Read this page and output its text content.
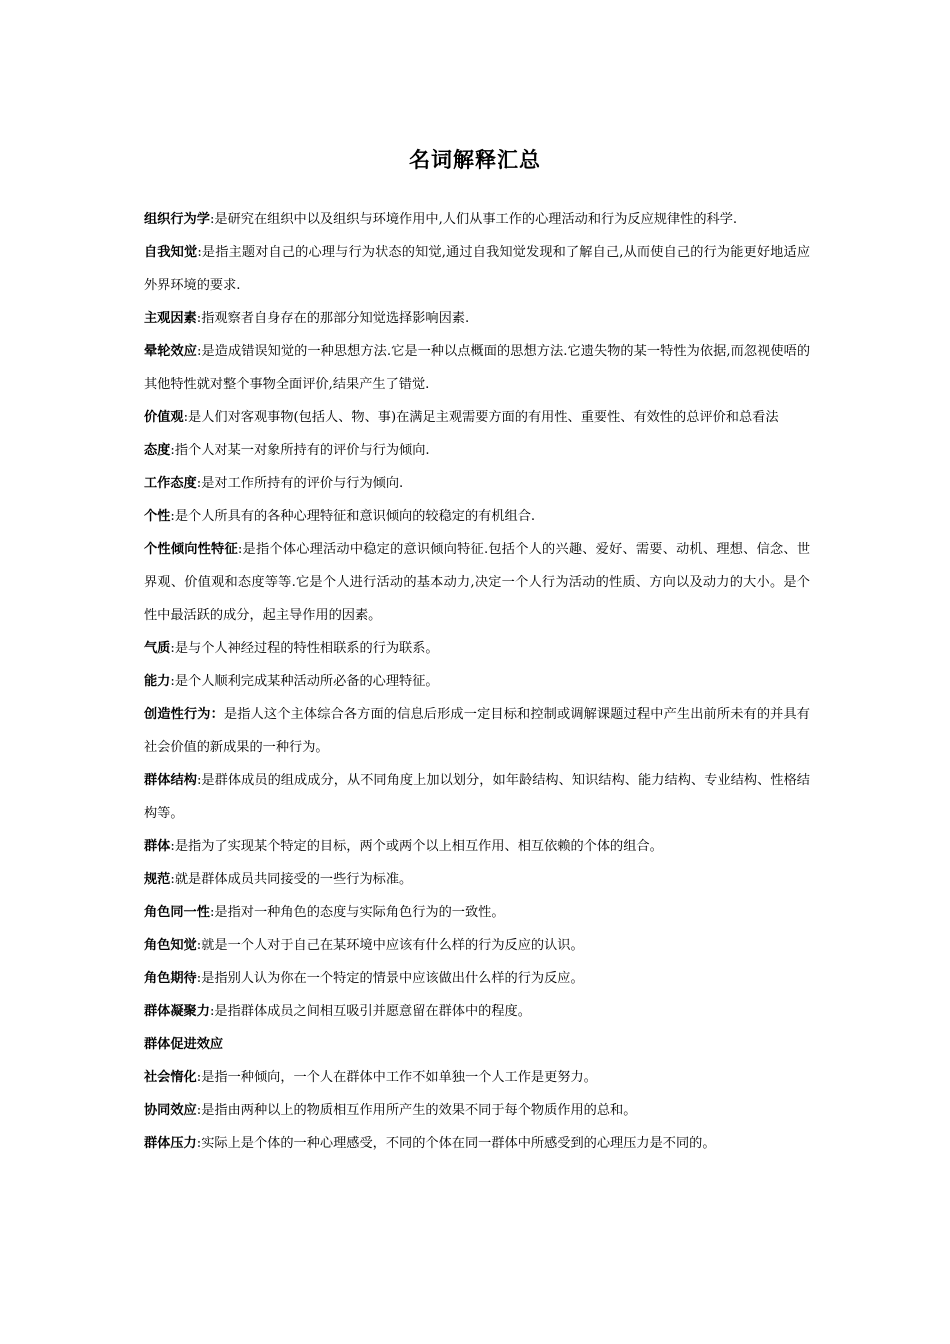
名词解释汇总

组织行为学:是研究在组织中以及组织与环境作用中,人们从事工作的心理活动和行为反应规律性的科学.

自我知觉:是指主题对自己的心理与行为状态的知觉,通过自我知觉发现和了解自己,从而使自己的行为能更好地适应外界环境的要求.

主观因素:指观察者自身存在的那部分知觉选择影响因素.

晕轮效应:是造成错误知觉的一种思想方法.它是一种以点概面的思想方法.它遗失物的某一特性为依据,而忽视使唔的其他特性就对整个事物全面评价,结果产生了错觉.

价值观:是人们对客观事物(包括人、物、事)在满足主观需要方面的有用性、重要性、有效性的总评价和总看法

态度:指个人对某一对象所持有的评价与行为倾向.

工作态度:是对工作所持有的评价与行为倾向.

个性:是个人所具有的各种心理特征和意识倾向的较稳定的有机组合.

个性倾向性特征:是指个体心理活动中稳定的意识倾向特征.包括个人的兴趣、爱好、需要、动机、理想、信念、世界观、价值观和态度等等.它是个人进行活动的基本动力,决定一个人行为活动的性质、方向以及动力的大小。是个性中最活跃的成分，起主导作用的因素。

气质:是与个人神经过程的特性相联系的行为联系。

能力:是个人顺利完成某种活动所必备的心理特征。

创造性行为：是指人这个主体综合各方面的信息后形成一定目标和控制或调解课题过程中产生出前所未有的并具有社会价值的新成果的一种行为。

群体结构:是群体成员的组成成分，从不同角度上加以划分，如年龄结构、知识结构、能力结构、专业结构、性格结构等。

群体:是指为了实现某个特定的目标，两个或两个以上相互作用、相互依赖的个体的组合。

规范:就是群体成员共同接受的一些行为标准。

角色同一性:是指对一种角色的态度与实际角色行为的一致性。

角色知觉:就是一个人对于自己在某环境中应该有什么样的行为反应的认识。

角色期待:是指别人认为你在一个特定的情景中应该做出什么样的行为反应。

群体凝聚力:是指群体成员之间相互吸引并愿意留在群体中的程度。

群体促进效应

社会惰化:是指一种倾向，一个人在群体中工作不如单独一个人工作是更努力。

协同效应:是指由两种以上的物质相互作用所产生的效果不同于每个物质作用的总和。

群体压力:实际上是个体的一种心理感受，不同的个体在同一群体中所感受到的心理压力是不同的。
